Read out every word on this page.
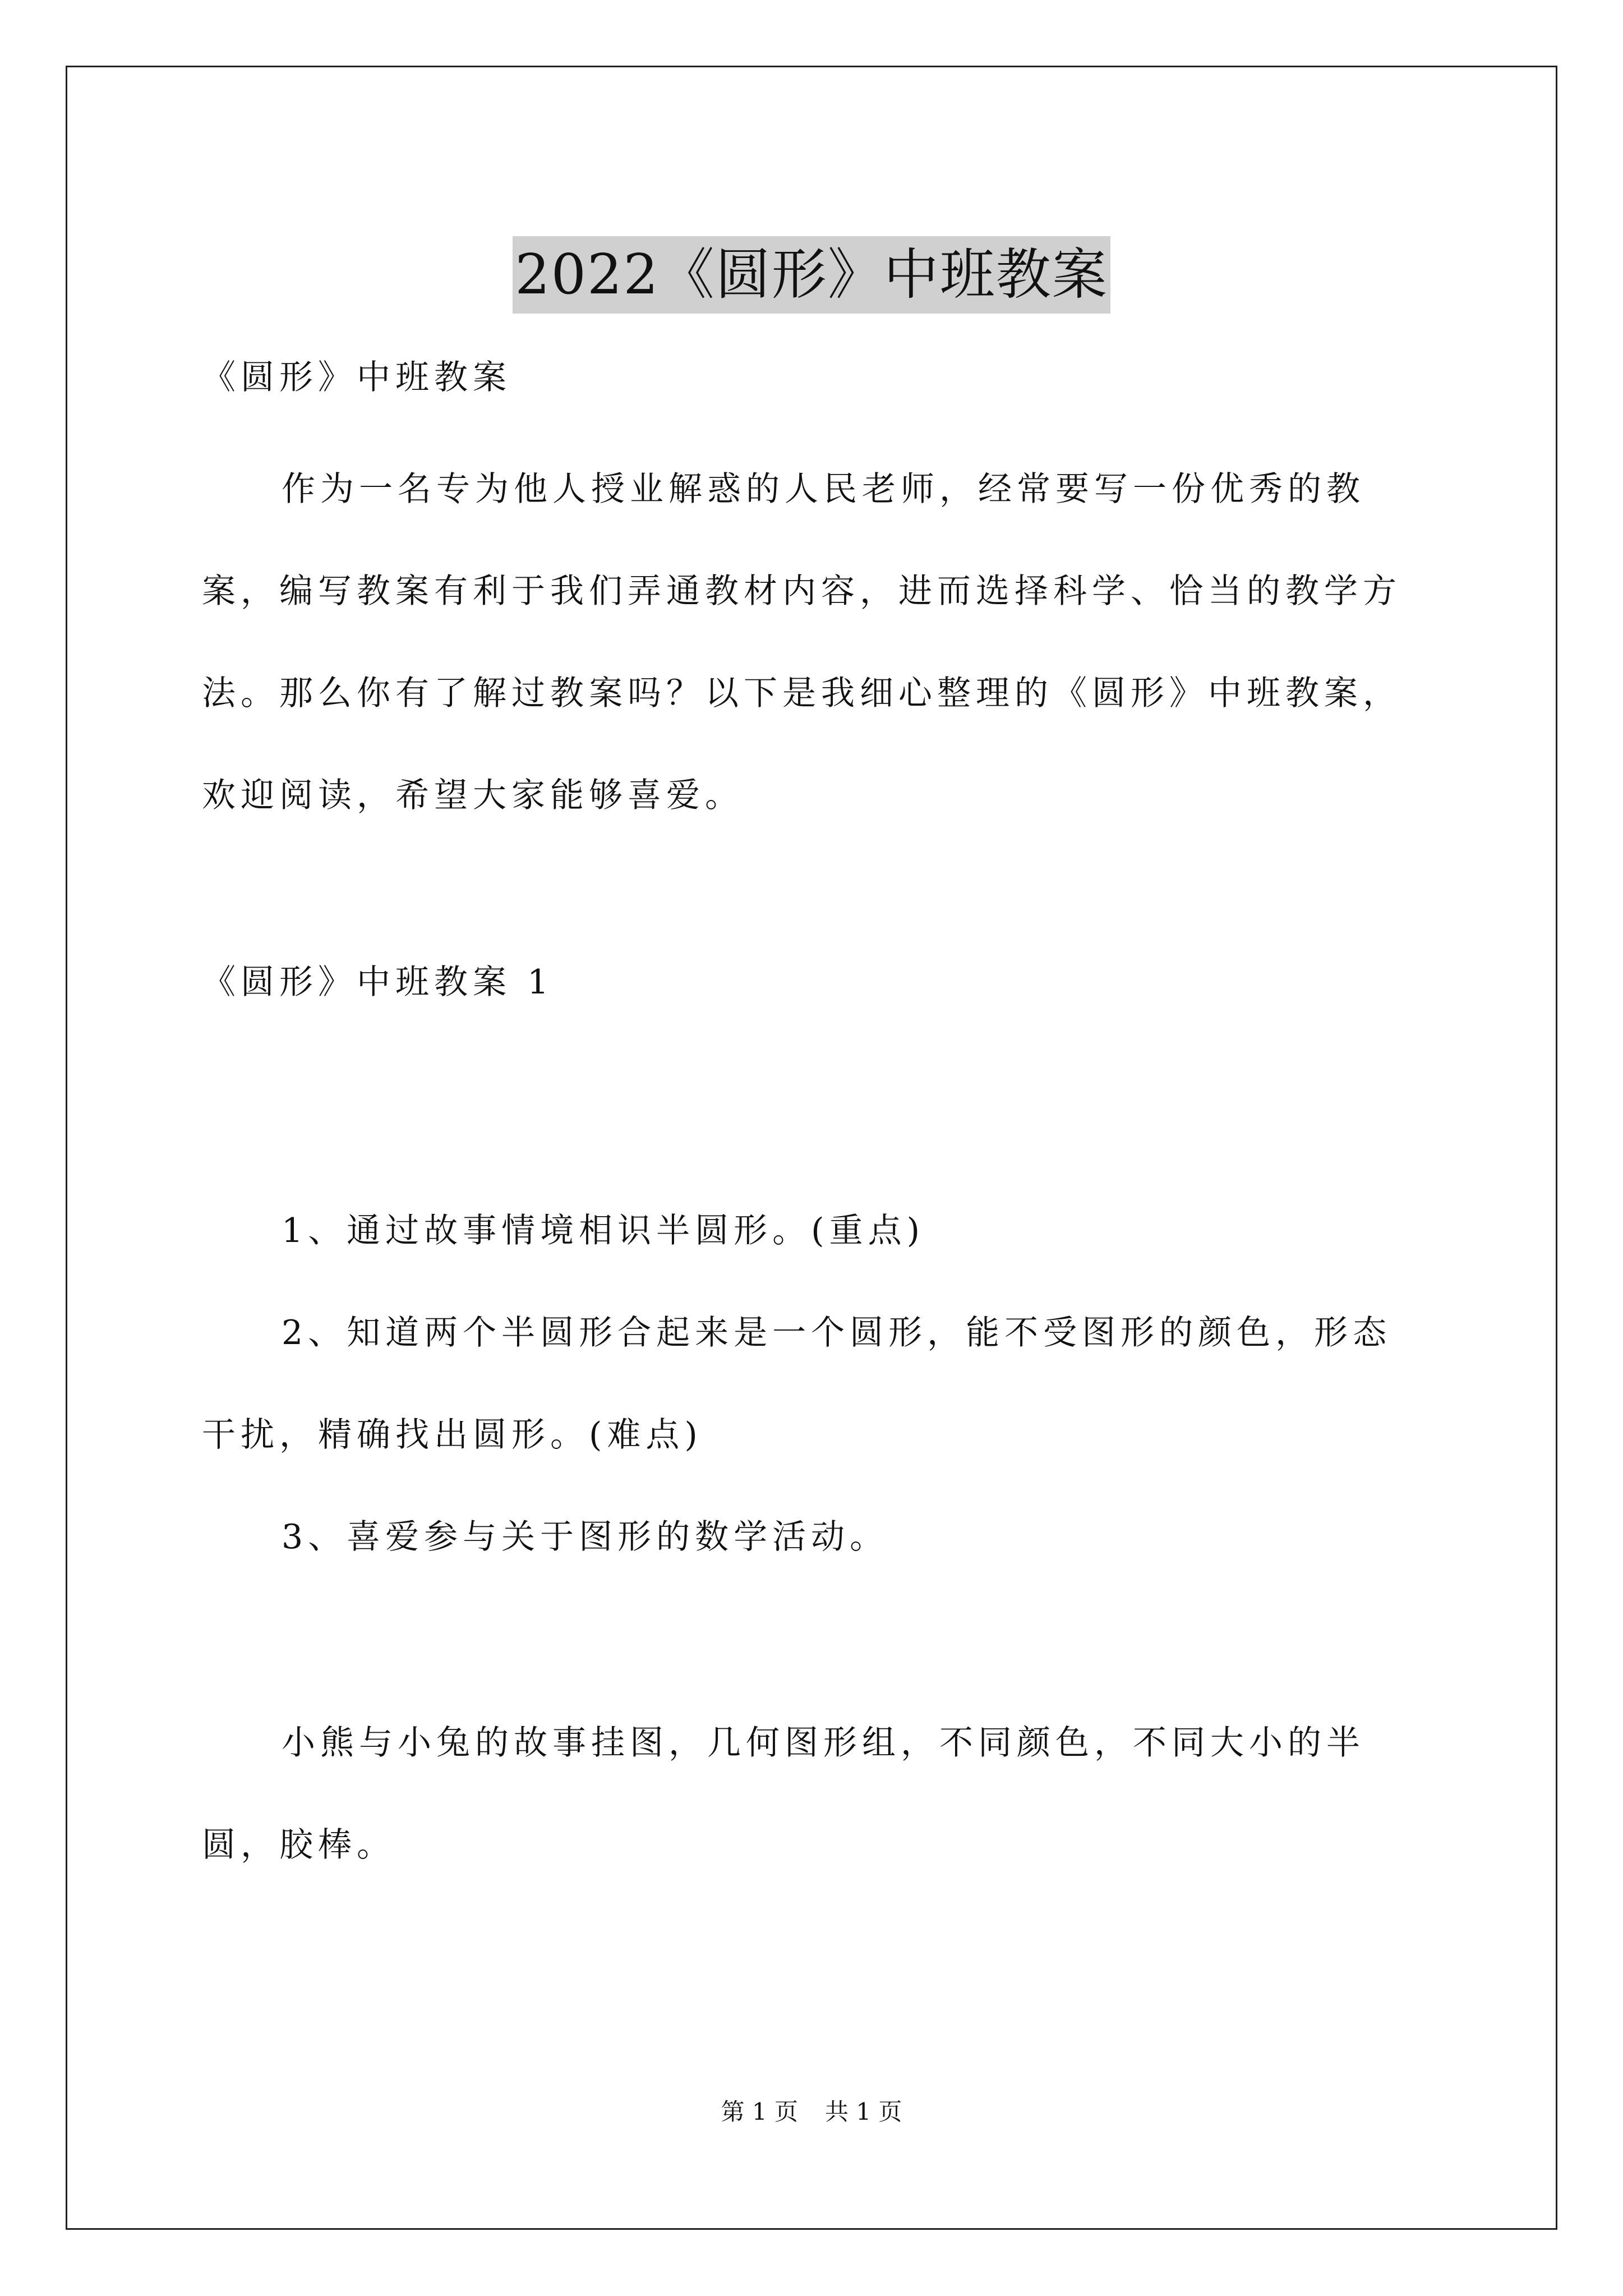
2022《圆形》中班教案

《圆形》中班教案

作为一名专为他人授业解惑的人民老师，经常要写一份优秀的教案，编写教案有利于我们弄通教材内容，进而选择科学、恰当的教学方法。那么你有了解过教案吗？以下是我细心整理的《圆形》中班教案，欢迎阅读，希望大家能够喜爱。

《圆形》中班教案 1

1、通过故事情境相识半圆形。(重点)

2、知道两个半圆形合起来是一个圆形，能不受图形的颜色，形态干扰，精确找出圆形。(难点)

3、喜爱参与关于图形的数学活动。

小熊与小兔的故事挂图，几何图形组，不同颜色，不同大小的半圆，胶棒。

第 1 页 共 1 页
